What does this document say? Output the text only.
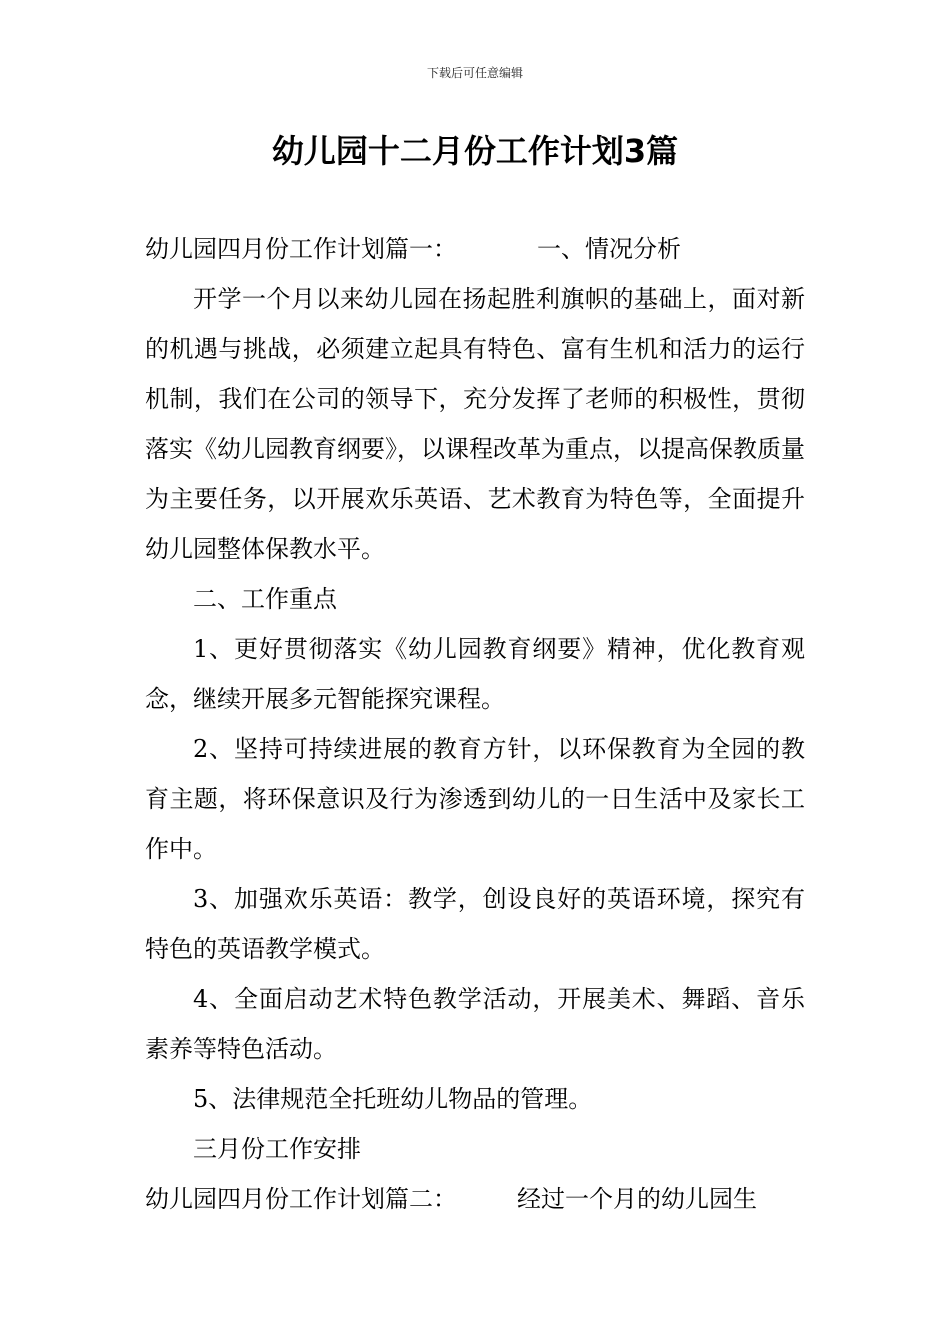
下载后可任意编辑
幼儿园十二月份工作计划3篇
幼儿园四月份工作计划篇一：	一、情况分析
开学一个月以来幼儿园在扬起胜利旗帜的基础上，面对新的机遇与挑战，必须建立起具有特色、富有生机和活力的运行机制，我们在公司的领导下，充分发挥了老师的积极性，贯彻落实《幼儿园教育纲要》，以课程改革为重点，以提高保教质量为主要任务，以开展欢乐英语、艺术教育为特色等，全面提升幼儿园整体保教水平。
二、工作重点
1、更好贯彻落实《幼儿园教育纲要》精神，优化教育观念，继续开展多元智能探究课程。
2、坚持可持续进展的教育方针，以环保教育为全园的教育主题，将环保意识及行为渗透到幼儿的一日生活中及家长工作中。
3、加强欢乐英语：教学，创设良好的英语环境，探究有特色的英语教学模式。
4、全面启动艺术特色教学活动，开展美术、舞蹈、音乐素养等特色活动。
5、法律规范全托班幼儿物品的管理。
三月份工作安排
幼儿园四月份工作计划篇二：	经过一个月的幼儿园生
